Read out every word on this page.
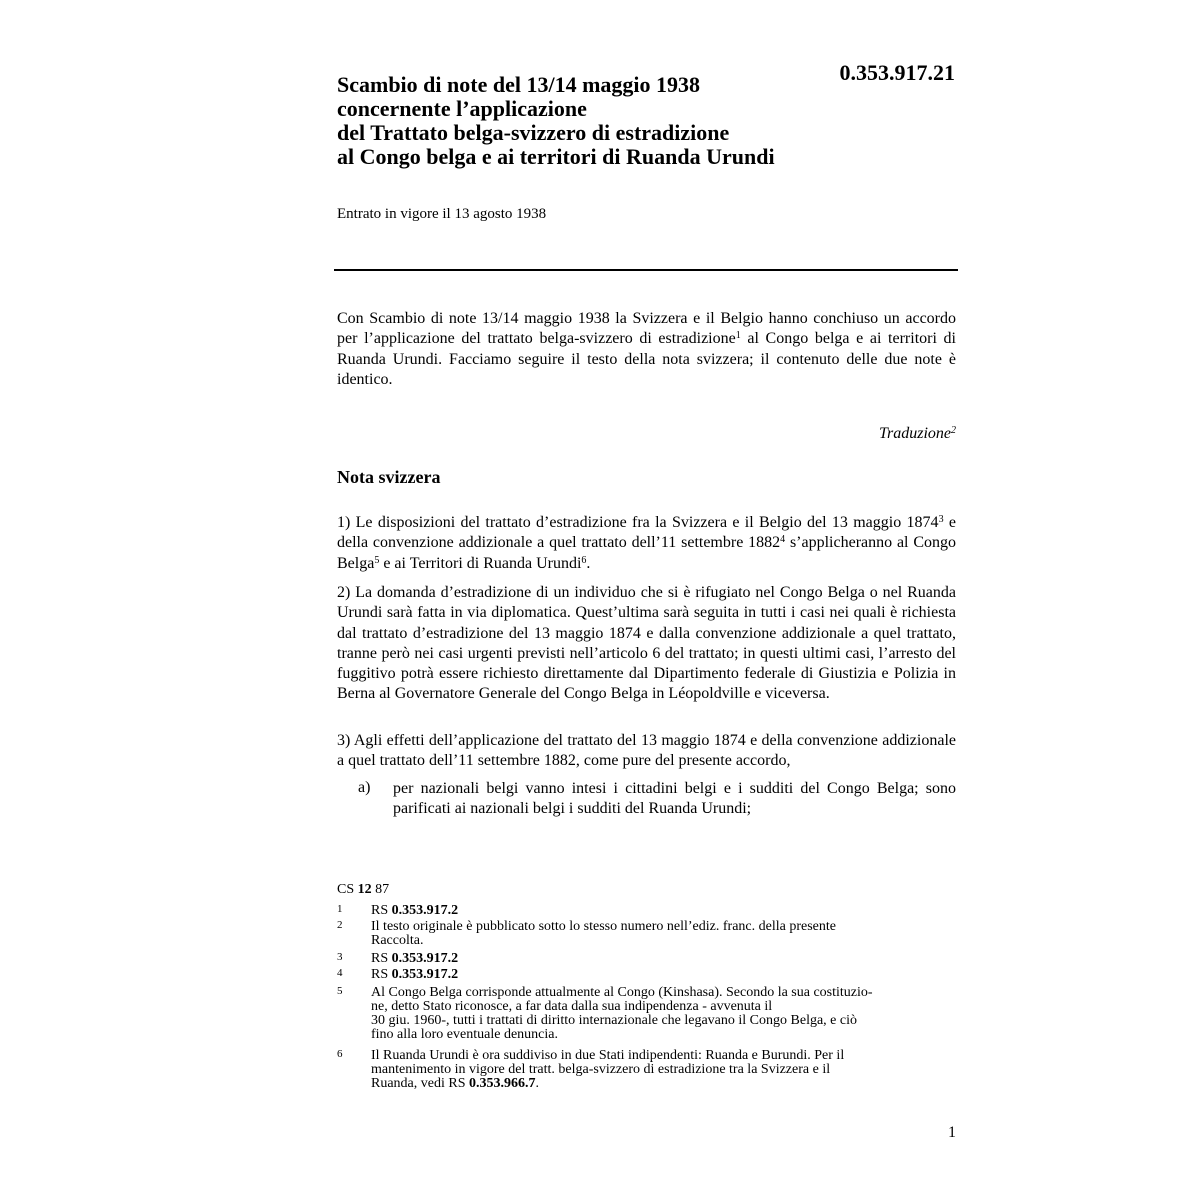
0.353.917.21
Scambio di note del 13/14 maggio 1938
concernente l’applicazione
del Trattato belga-svizzero di estradizione
al Congo belga e ai territori di Ruanda Urundi
Entrato in vigore il 13 agosto 1938
Con Scambio di note 13/14 maggio 1938 la Svizzera e il Belgio hanno conchiuso un accordo per l’applicazione del trattato belga-svizzero di estradizione$^1$ al Congo belga e ai territori di Ruanda Urundi. Facciamo seguire il testo della nota svizzera; il contenuto delle due note è identico.
Traduzione$^2$
Nota svizzera
1) Le disposizioni del trattato d’estradizione fra la Svizzera e il Belgio del 13 maggio 1874$^3$ e della convenzione addizionale a quel trattato dell’11 settembre 1882$^4$ s’applicheranno al Congo Belga$^5$ e ai Territori di Ruanda Urundi$^6$.
2) La domanda d’estradizione di un individuo che si è rifugiato nel Congo Belga o nel Ruanda Urundi sarà fatta in via diplomatica. Quest’ultima sarà seguita in tutti i casi nei quali è richiesta dal trattato d’estradizione del 13 maggio 1874 e dalla convenzione addizionale a quel trattato, tranne però nei casi urgenti previsti nell’articolo 6 del trattato; in questi ultimi casi, l’arresto del fuggitivo potrà essere richiesto direttamente dal Dipartimento federale di Giustizia e Polizia in Berna al Governatore Generale del Congo Belga in Léopoldville e viceversa.
3) Agli effetti dell’applicazione del trattato del 13 maggio 1874 e della convenzione addizionale a quel trattato dell’11 settembre 1882, come pure del presente accordo,
a) per nazionali belgi vanno intesi i cittadini belgi e i sudditi del Congo Belga; sono parificati ai nazionali belgi i sudditi del Ruanda Urundi;
CS 12 87
1 RS 0.353.917.2
2 Il testo originale è pubblicato sotto lo stesso numero nell’ediz. franc. della presente
Raccolta.
3 RS 0.353.917.2
4 RS 0.353.917.2
5 Al Congo Belga corrisponde attualmente al Congo (Kinshasa). Secondo la sua costituzio-
ne, detto Stato riconosce, a far data dalla sua indipendenza - avvenuta il
30 giu. 1960-, tutti i trattati di diritto internazionale che legavano il Congo Belga, e ciò
fino alla loro eventuale denuncia.
6 Il Ruanda Urundi è ora suddiviso in due Stati indipendenti: Ruanda e Burundi. Per il
mantenimento in vigore del tratt. belga-svizzero di estradizione tra la Svizzera e il
Ruanda, vedi RS 0.353.966.7.
1
